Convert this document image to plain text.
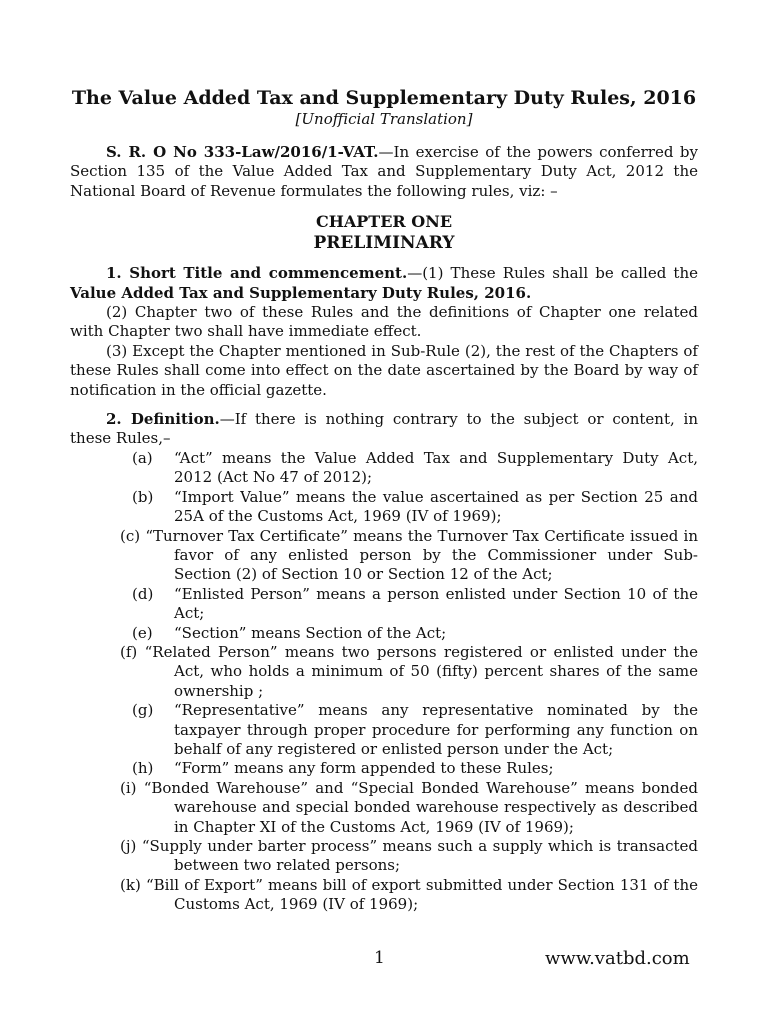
The Value Added Tax and Supplementary Duty Rules, 2016
[Unofficial Translation]

S. R. O No 333-Law/2016/1-VAT.—In exercise of the powers conferred by Section 135 of the Value Added Tax and Supplementary Duty Act, 2012 the National Board of Revenue formulates the following rules, viz: –

CHAPTER ONE
PRELIMINARY

1. Short Title and commencement.—(1) These Rules shall be called the Value Added Tax and Supplementary Duty Rules, 2016.

(2) Chapter two of these Rules and the definitions of Chapter one related with Chapter two shall have immediate effect.

(3) Except the Chapter mentioned in Sub-Rule (2), the rest of the Chapters of these Rules shall come into effect on the date ascertained by the Board by way of notification in the official gazette.

2. Definition.—If there is nothing contrary to the subject or content, in these Rules,–

(a)	“Act” means the Value Added Tax and Supplementary Duty Act, 2012 (Act No 47 of 2012);
(b)	“Import Value” means the value ascertained as per Section 25 and 25A of the Customs Act, 1969 (IV of 1969);
(c) “Turnover Tax Certificate” means the Turnover Tax Certificate issued in favor of any enlisted person by the Commissioner under Sub-Section (2) of Section 10 or Section 12 of the Act;
(d)	“Enlisted Person” means a person enlisted under Section 10 of the Act;
(e)	“Section” means Section of the Act;
(f) “Related Person” means two persons registered or enlisted under the Act, who holds a minimum of 50 (fifty) percent shares of the same ownership ;
(g)	“Representative” means any representative nominated by the taxpayer through proper procedure for performing any function on behalf of any registered or enlisted person under the Act;
(h)	“Form” means any form appended to these Rules;
(i) “Bonded Warehouse” and “Special Bonded Warehouse” means bonded warehouse and special bonded warehouse respectively as described in Chapter XI of the Customs Act, 1969 (IV of 1969);
(j) “Supply under barter process” means such a supply which is transacted between two related persons;
(k) “Bill of Export” means bill of export submitted under Section 131 of the Customs Act, 1969 (IV of 1969);
1	www.vatbd.com
